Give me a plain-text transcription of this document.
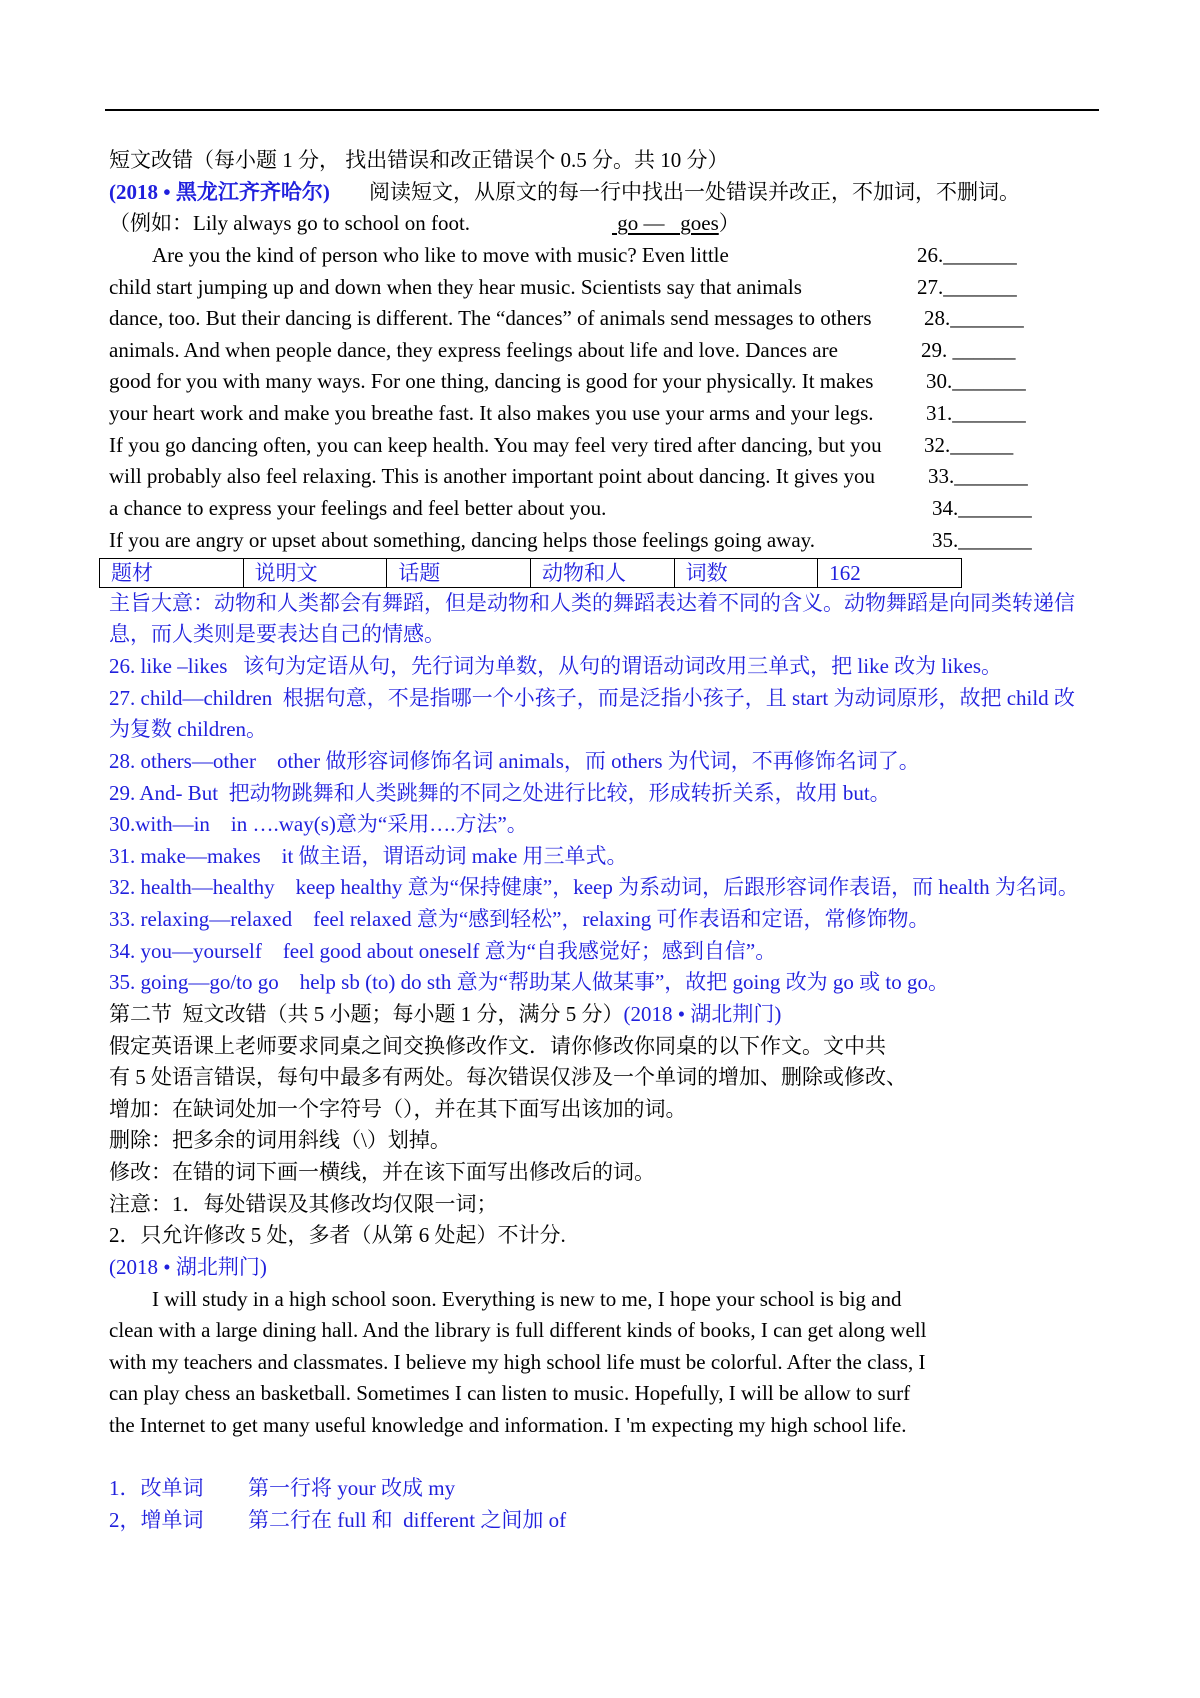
短文改错（每小题 1 分， 找出错误和改正错误个 0.5 分。共 10 分）
(2018 • 黑龙江齐齐哈尔) 阅读短文，从原文的每一行中找出一处错误并改正，不加词，不删词。
（例如：Lily always go to school on foot.	go —   goes）
Are you the kind of person who like to move with music? Even little	26._______
child start jumping up and down when they hear music. Scientists say that animals	27._______
dance, too. But their dancing is different. The “dances” of animals send messages to others 28._______
animals. And when people dance, they express feelings about life and love. Dances are	29. ______
good for you with many ways. For one thing, dancing is good for your physically. It makes	30._______
your heart work and make you breathe fast. It also makes you use your arms and your legs. 31._______
If you go dancing often, you can keep health. You may feel very tired after dancing, but you 32.______
will probably also feel relaxing. This is another important point about dancing. It gives you	33._______
a chance to express your feelings and feel better about you.	34._______
If you are angry or upset about something, dancing helps those feelings going away.	35._______
题材	说明文	话题	动物和人	词数	162
主旨大意：动物和人类都会有舞蹈，但是动物和人类的舞蹈表达着不同的含义。动物舞蹈是向同类转递信
息，而人类则是要表达自己的情感。
26. like –likes   该句为定语从句，先行词为单数，从句的谓语动词改用三单式，把 like 改为 likes。
27. child—children  根据句意，不是指哪一个小孩子，而是泛指小孩子，且 start 为动词原形，故把 child 改
为复数 children。
28. others—other    other 做形容词修饰名词 animals，而 others 为代词，不再修饰名词了。
29. And- But  把动物跳舞和人类跳舞的不同之处进行比较，形成转折关系，故用 but。
30.with—in    in ….way(s)意为“采用….方法”。
31. make—makes    it 做主语，谓语动词 make 用三单式。
32. health—healthy    keep healthy 意为“保持健康”，keep 为系动词，后跟形容词作表语，而 health 为名词。
33. relaxing—relaxed    feel relaxed 意为“感到轻松”，relaxing 可作表语和定语，常修饰物。
34. you—yourself    feel good about oneself 意为“自我感觉好；感到自信”。
35. going—go/to go    help sb (to) do sth 意为“帮助某人做某事”，故把 going 改为 go 或 to go。
第二节  短文改错（共 5 小题；每小题 1 分，满分 5 分）(2018 • 湖北荆门)
假定英语课上老师要求同桌之间交换修改作文．请你修改你同桌的以下作文。文中共
有 5 处语言错误，每句中最多有两处。每次错误仅涉及一个单词的增加、删除或修改、
增加：在缺词处加一个字符号（），并在其下面写出该加的词。
删除：把多余的词用斜线（\）划掉。
修改：在错的词下画一横线，并在该下面写出修改后的词。
注意：1．每处错误及其修改均仅限一词；
2．只允许修改 5 处，多者（从第 6 处起）不计分.
(2018 • 湖北荆门)
I will study in a high school soon. Everything is new to me, I hope your school is big and
clean with a large dining hall. And the library is full different kinds of books, I can get along well
with my teachers and classmates. I believe my high school life must be colorful. After the class, I
can play chess an basketball. Sometimes I can listen to music. Hopefully, I will be allow to surf
the Internet to get many useful knowledge and information. I 'm expecting my high school life.
1．改单词 第一行将 your 改成 my
2，增单词 第二行在 full 和  different 之间加 of
